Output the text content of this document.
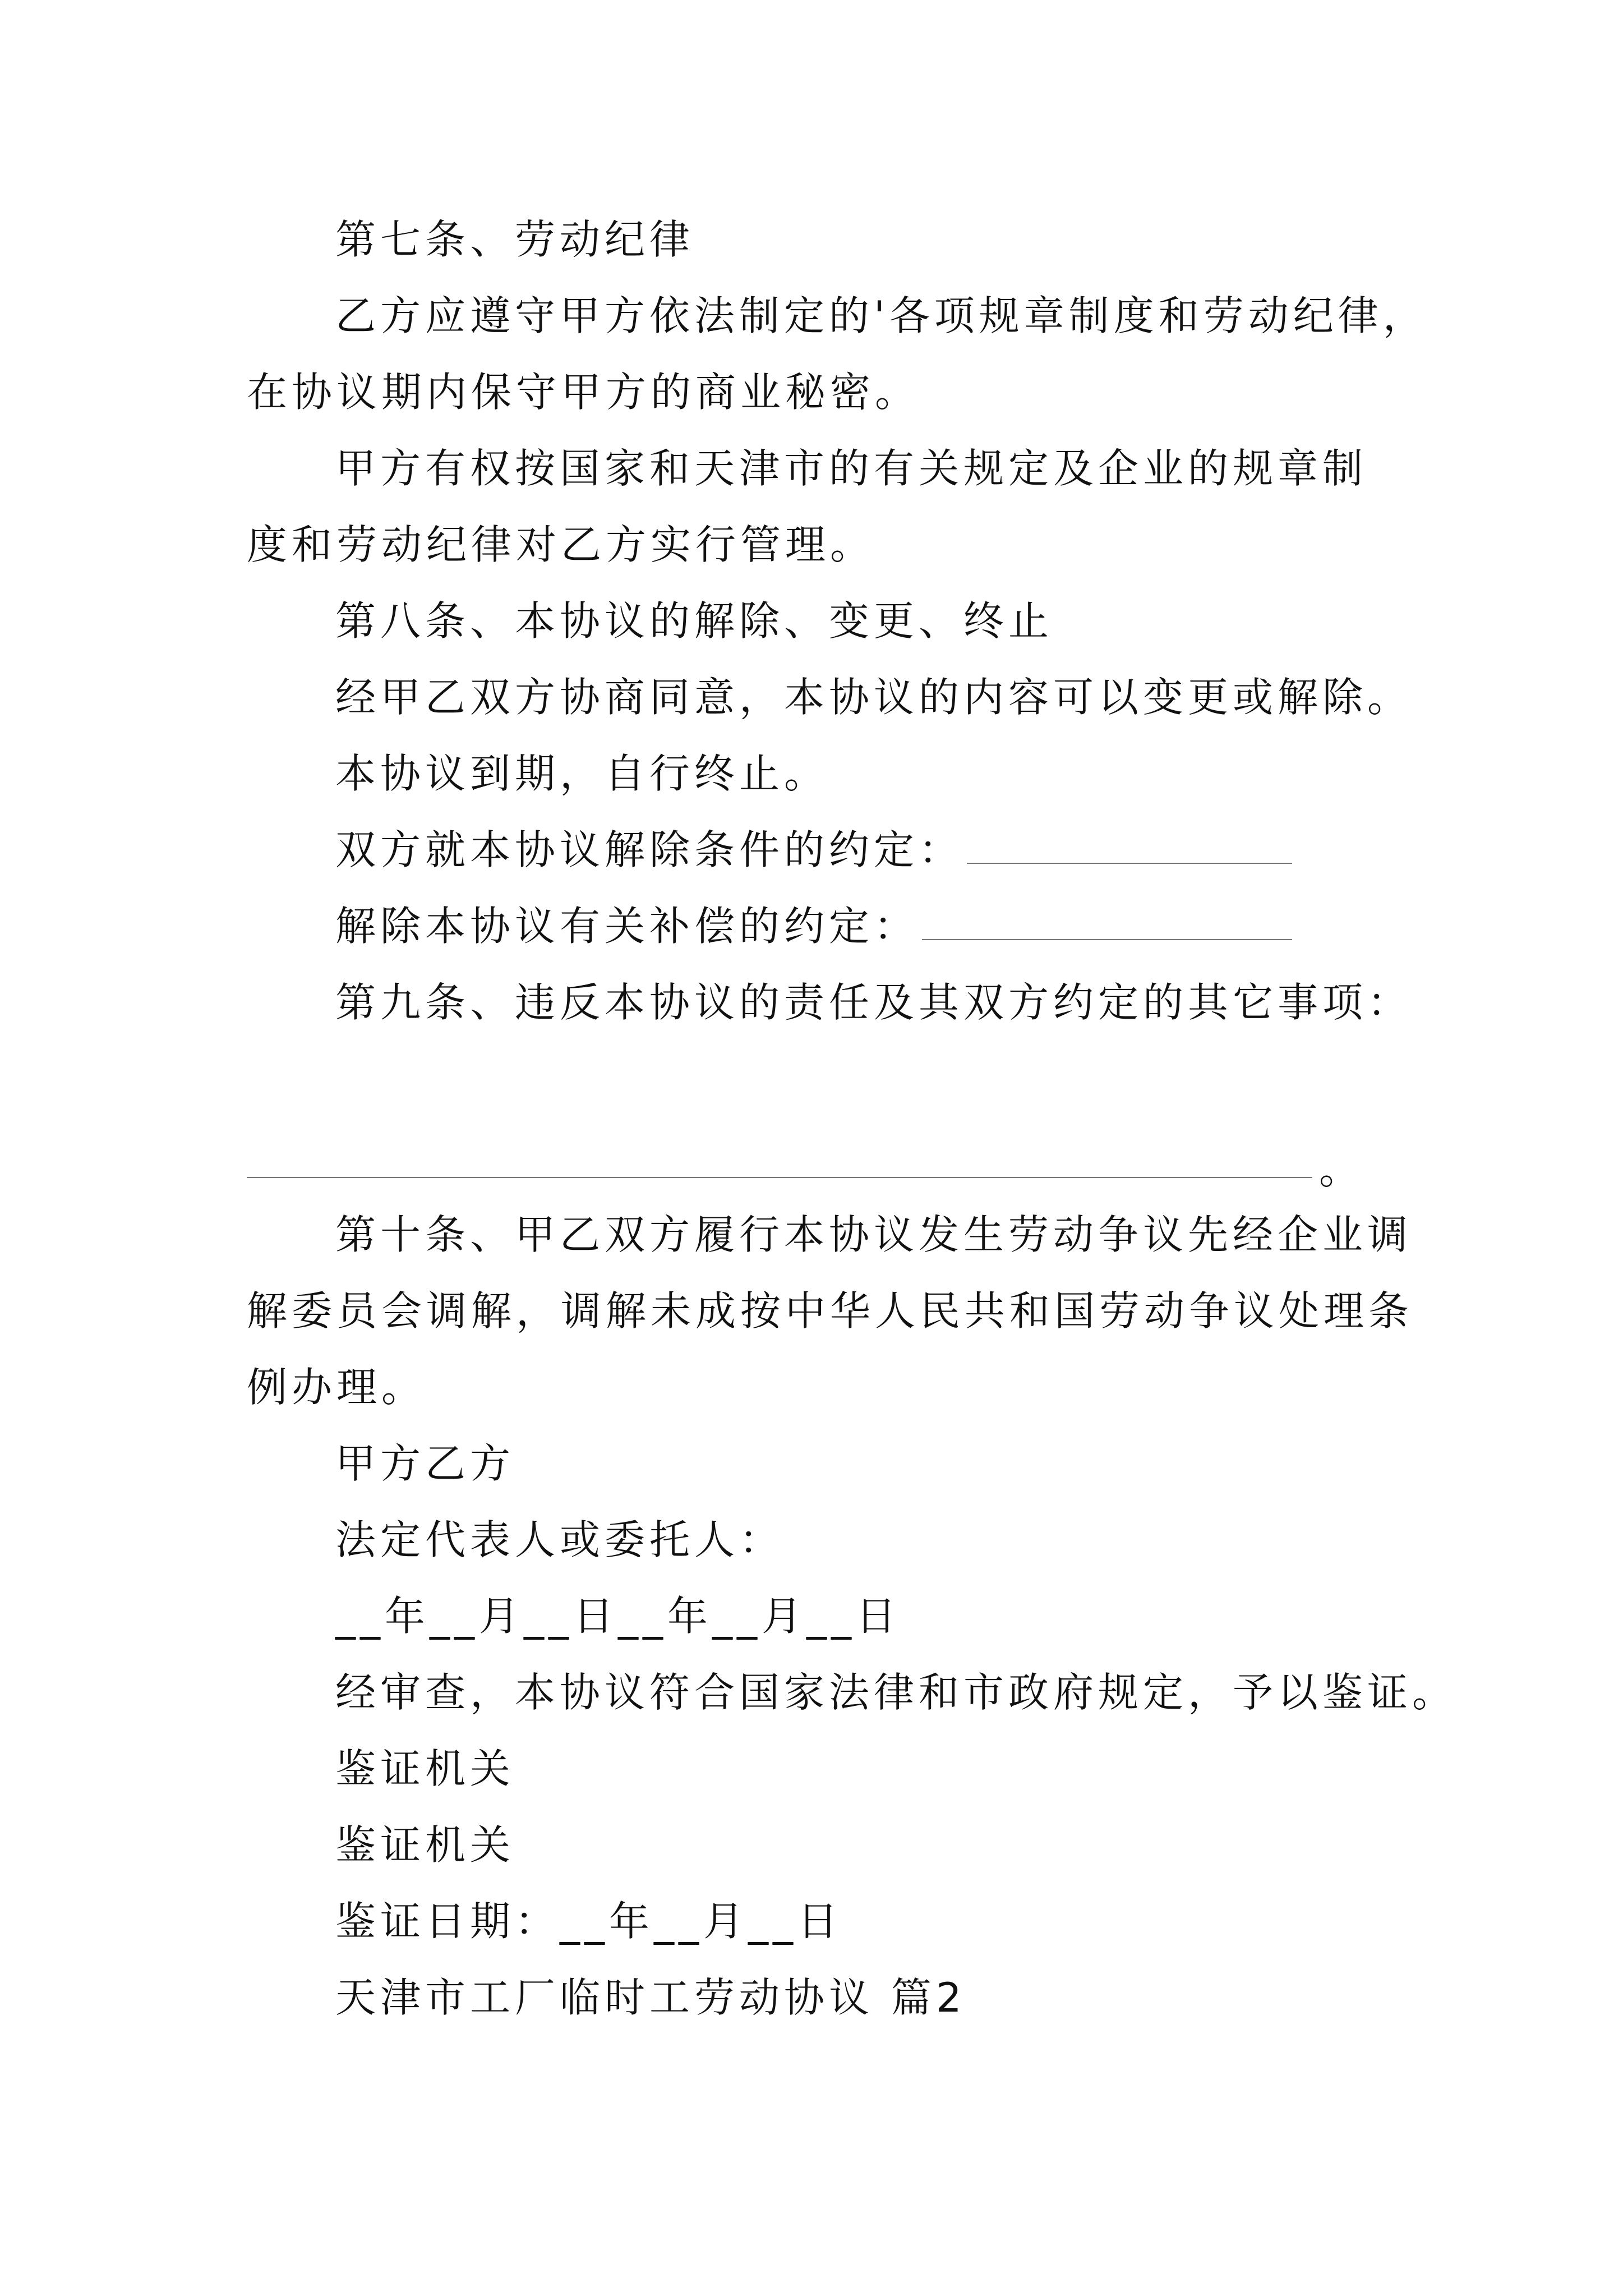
第七条、劳动纪律
乙方应遵守甲方依法制定的'各项规章制度和劳动纪律，
在协议期内保守甲方的商业秘密。
甲方有权按国家和天津市的有关规定及企业的规章制
度和劳动纪律对乙方实行管理。
第八条、本协议的解除、变更、终止
经甲乙双方协商同意，本协议的内容可以变更或解除。
本协议到期，自行终止。
双方就本协议解除条件的约定：
解除本协议有关补偿的约定：
第九条、违反本协议的责任及其双方约定的其它事项：
。
第十条、甲乙双方履行本协议发生劳动争议先经企业调
解委员会调解，调解未成按中华人民共和国劳动争议处理条
例办理。
甲方乙方
法定代表人或委托人：
__年__月__日__年__月__日
经审查，本协议符合国家法律和市政府规定，予以鉴证。
鉴证机关
鉴证机关
鉴证日期：__年__月__日
天津市工厂临时工劳动协议 篇2
